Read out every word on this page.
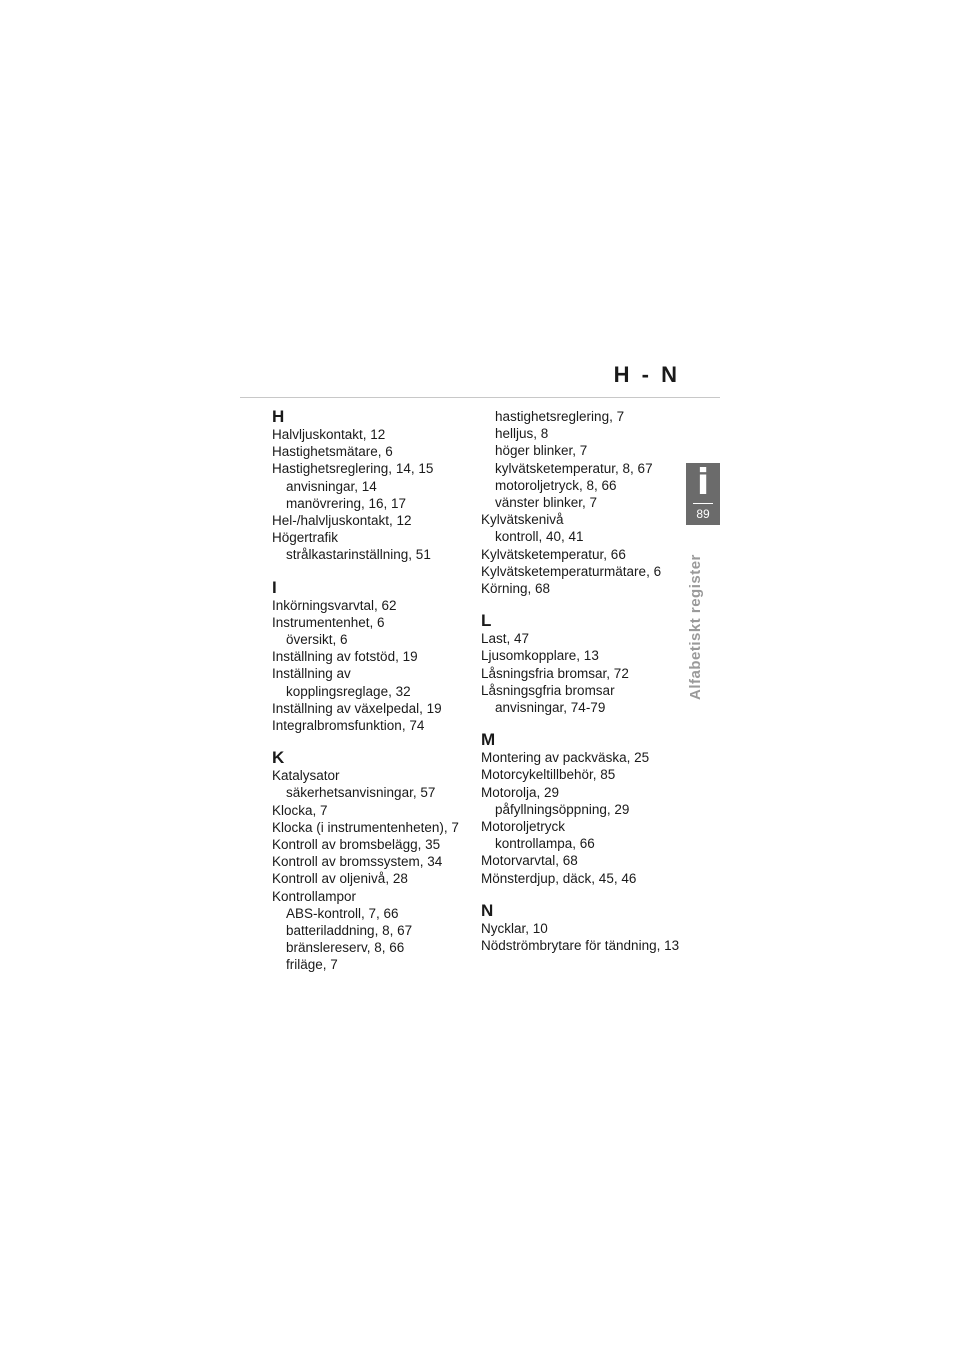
H - N
i
89
Alfabetiskt register
H
Halvljuskontakt, 12
Hastighetsmätare, 6
Hastighetsreglering, 14, 15
anvisningar, 14
manövrering, 16, 17
Hel-/halvljuskontakt, 12
Högertrafik
strålkastarinställning, 51
I
Inkörningsvarvtal, 62
Instrumentenhet, 6
översikt, 6
Inställning av fotstöd, 19
Inställning av
kopplingsreglage, 32
Inställning av växelpedal, 19
Integralbromsfunktion, 74
K
Katalysator
säkerhetsanvisningar, 57
Klocka, 7
Klocka (i instrumentenheten), 7
Kontroll av bromsbelägg, 35
Kontroll av bromssystem, 34
Kontroll av oljenivå, 28
Kontrollampor
ABS-kontroll, 7, 66
batteriladdning, 8, 67
bränslereserv, 8, 66
friläge, 7
hastighetsreglering, 7
helljus, 8
höger blinker, 7
kylvätsketemperatur, 8, 67
motoroljetryck, 8, 66
vänster blinker, 7
Kylvätskenivå
kontroll, 40, 41
Kylvätsketemperatur, 66
Kylvätsketemperaturmätare, 6
Körning, 68
L
Last, 47
Ljusomkopplare, 13
Låsningsfria bromsar, 72
Låsningsgfria bromsar
anvisningar, 74-79
M
Montering av packväska, 25
Motorcykeltillbehör, 85
Motorolja, 29
påfyllningsöppning, 29
Motoroljetryck
kontrollampa, 66
Motorvarvtal, 68
Mönsterdjup, däck, 45, 46
N
Nycklar, 10
Nödströmbrytare för tändning, 13
